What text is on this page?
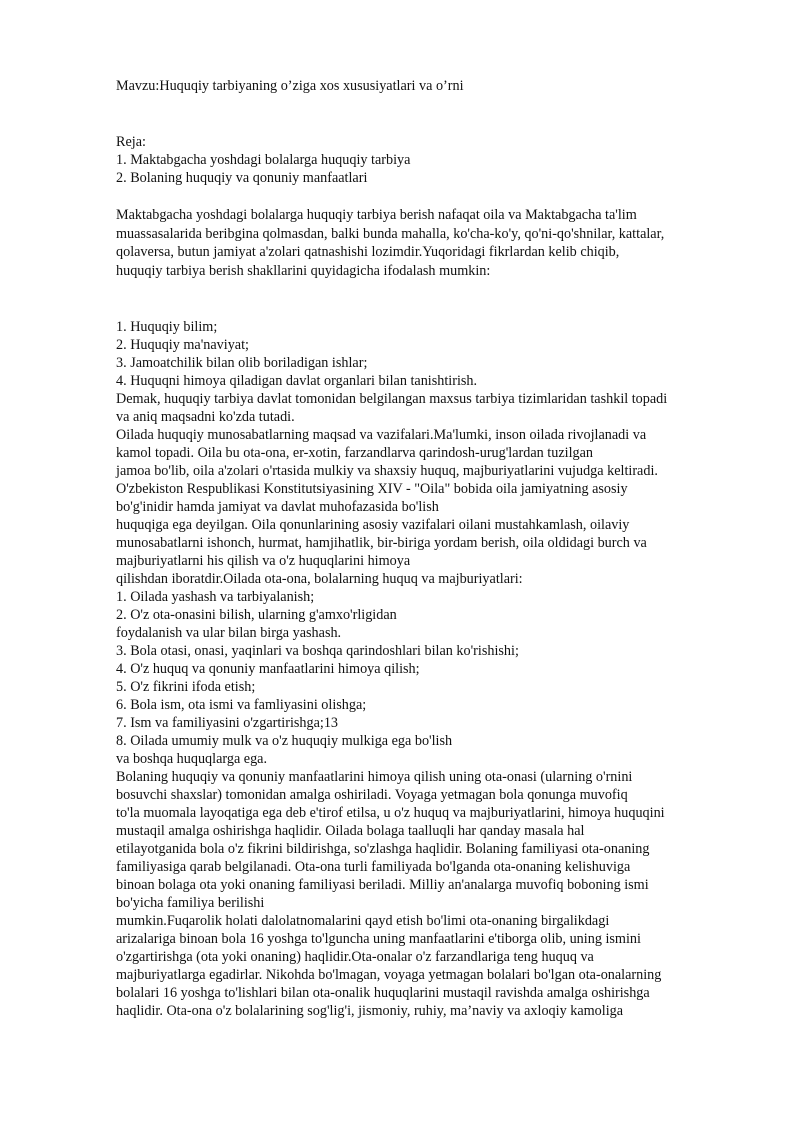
Mavzu:Huquqiy tarbiyaning o’ziga xos xususiyatlari va o’rni
Reja:
1. Maktabgacha yoshdagi bolalarga huquqiy tarbiya
2. Bolaning huquqiy va qonuniy manfaatlari
Maktabgacha yoshdagi bolalarga huquqiy tarbiya berish nafaqat oila va Maktabgacha ta'lim
muassasalarida beribgina qolmasdan, balki bunda mahalla, ko'cha-ko'y, qo'ni-qo'shnilar, kattalar,
qolaversa, butun jamiyat a'zolari qatnashishi lozimdir.Yuqoridagi fikrlardan kelib chiqib,
huquqiy tarbiya berish shakllarini quyidagicha ifodalash mumkin:
1. Huquqiy bilim;
2. Huquqiy ma'naviyat;
3. Jamoatchilik bilan olib boriladigan ishlar;
4. Huquqni himoya qiladigan davlat organlari bilan tanishtirish.
Demak, huquqiy tarbiya davlat tomonidan belgilangan maxsus tarbiya tizimlaridan tashkil topadi
va aniq maqsadni ko'zda tutadi.
Oilada huquqiy munosabatlarning maqsad va vazifalari.Ma'lumki, inson oilada rivojlanadi va
kamol topadi. Oila bu ota-ona, er-xotin, farzandlarva qarindosh-urug'lardan tuzilgan
jamoa bo'lib, oila a'zolari o'rtasida mulkiy va shaxsiy huquq, majburiyatlarini vujudga keltiradi.
O'zbekiston Respublikasi Konstitutsiyasining XIV - "Oila" bobida oila jamiyatning asosiy
bo'g'inidir hamda jamiyat va davlat muhofazasida bo'lish
huquqiga ega deyilgan. Oila qonunlarining asosiy vazifalari oilani mustahkamlash, oilaviy
munosabatlarni ishonch, hurmat, hamjihatlik, bir-biriga yordam berish, oila oldidagi burch va
majburiyatlarni his qilish va o'z huquqlarini himoya
qilishdan iboratdir.Oilada ota-ona, bolalarning huquq va majburiyatlari:
1. Oilada yashash va tarbiyalanish;
2. O'z ota-onasini bilish, ularning g'amxo'rligidan
foydalanish va ular bilan birga yashash.
3. Bola otasi, onasi, yaqinlari va boshqa qarindoshlari bilan ko'rishishi;
4. O'z huquq va qonuniy manfaatlarini himoya qilish;
5. O'z fikrini ifoda etish;
6. Bola ism, ota ismi va famliyasini olishga;
7. Ism va familiyasini o'zgartirishga;13
8. Oilada umumiy mulk va o'z huquqiy mulkiga ega bo'lish
va boshqa huquqlarga ega.
Bolaning huquqiy va qonuniy manfaatlarini himoya qilish uning ota-onasi (ularning o'rnini
bosuvchi shaxslar) tomonidan amalga oshiriladi. Voyaga yetmagan bola qonunga muvofiq
to'la muomala layoqatiga ega deb e'tirof etilsa, u o'z huquq va majburiyatlarini, himoya huquqini
mustaqil amalga oshirishga haqlidir. Oilada bolaga taalluqli har qanday masala hal
etilayotganida bola o'z fikrini bildirishga, so'zlashga haqlidir. Bolaning familiyasi ota-onaning
familiyasiga qarab belgilanadi. Ota-ona turli familiyada bo'lganda ota-onaning kelishuviga
binoan bolaga ota yoki onaning familiyasi beriladi. Milliy an'analarga muvofiq boboning ismi
bo'yicha familiya berilishi
mumkin.Fuqarolik holati dalolatnomalarini qayd etish bo'limi ota-onaning birgalikdagi
arizalariga binoan bola 16 yoshga to'lguncha uning manfaatlarini e'tiborga olib, uning ismini
o'zgartirishga (ota yoki onaning) haqlidir.Ota-onalar o'z farzandlariga teng huquq va
majburiyatlarga egadirlar. Nikohda bo'lmagan, voyaga yetmagan bolalari bo'lgan ota-onalarning
bolalari 16 yoshga to'lishlari bilan ota-onalik huquqlarini mustaqil ravishda amalga oshirishga
haqlidir. Ota-ona o'z bolalarining sog'lig'i, jismoniy, ruhiy, ma’naviy va axloqiy kamoliga
